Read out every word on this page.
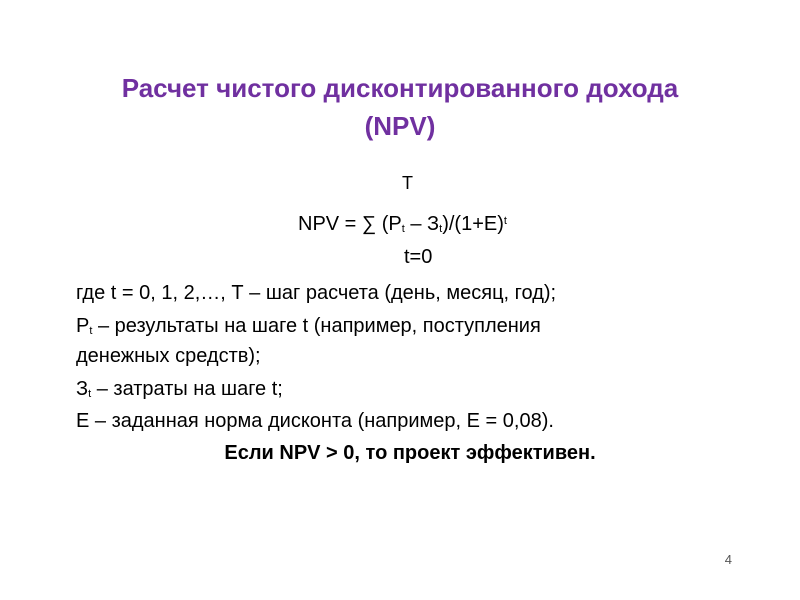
Расчет чистого дисконтированного дохода
(NPV)
Т
NPV = ∑ $(Р_t - З_t)/(1+Е)^t$
t=0
где t = 0, 1, 2,…, Т – шаг расчета (день, месяц, год);
$Р_t$ – результаты на шаге t (например, поступления
денежных средств);
$З_t$ – затраты на шаге t;
Е – заданная норма дисконта (например, Е = 0,08).
Если NPV > 0, то проект эффективен.
4
